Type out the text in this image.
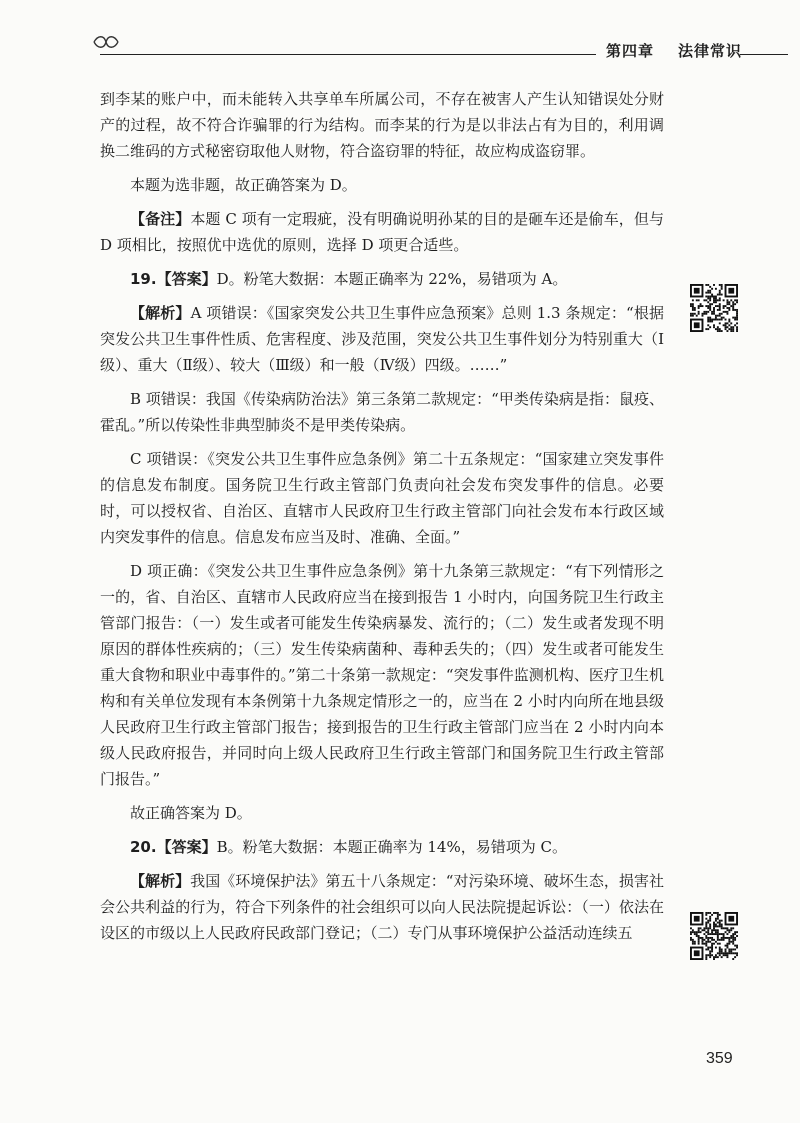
第四章 法律常识

到李某的账户中，而未能转入共享单车所属公司，不存在被害人产生认知错误处分财产的过程，故不符合诈骗罪的行为结构。而李某的行为是以非法占有为目的，利用调换二维码的方式秘密窃取他人财物，符合盗窃罪的特征，故应构成盗窃罪。

本题为选非题，故正确答案为 D。

【备注】本题 C 项有一定瑕疵，没有明确说明孙某的目的是砸车还是偷车，但与 D 项相比，按照优中选优的原则，选择 D 项更合适些。

19.【答案】D。粉笔大数据：本题正确率为 22%，易错项为 A。

【解析】A 项错误：《国家突发公共卫生事件应急预案》总则 1.3 条规定：“根据突发公共卫生事件性质、危害程度、涉及范围，突发公共卫生事件划分为特别重大（Ⅰ级）、重大（Ⅱ级）、较大（Ⅲ级）和一般（Ⅳ级）四级。……”

B 项错误：我国《传染病防治法》第三条第二款规定：“甲类传染病是指：鼠疫、霍乱。”所以传染性非典型肺炎不是甲类传染病。

C 项错误：《突发公共卫生事件应急条例》第二十五条规定：“国家建立突发事件的信息发布制度。国务院卫生行政主管部门负责向社会发布突发事件的信息。必要时，可以授权省、自治区、直辖市人民政府卫生行政主管部门向社会发布本行政区域内突发事件的信息。信息发布应当及时、准确、全面。”

D 项正确：《突发公共卫生事件应急条例》第十九条第三款规定：“有下列情形之一的，省、自治区、直辖市人民政府应当在接到报告 1 小时内，向国务院卫生行政主管部门报告：（一）发生或者可能发生传染病暴发、流行的；（二）发生或者发现不明原因的群体性疾病的；（三）发生传染病菌种、毒种丢失的；（四）发生或者可能发生重大食物和职业中毒事件的。”第二十条第一款规定：“突发事件监测机构、医疗卫生机构和有关单位发现有本条例第十九条规定情形之一的，应当在 2 小时内向所在地县级人民政府卫生行政主管部门报告；接到报告的卫生行政主管部门应当在 2 小时内向本级人民政府报告，并同时向上级人民政府卫生行政主管部门和国务院卫生行政主管部门报告。”

故正确答案为 D。

20.【答案】B。粉笔大数据：本题正确率为 14%，易错项为 C。

【解析】我国《环境保护法》第五十八条规定：“对污染环境、破坏生态，损害社会公共利益的行为，符合下列条件的社会组织可以向人民法院提起诉讼：（一）依法在设区的市级以上人民政府民政部门登记；（二）专门从事环境保护公益活动连续五

359
